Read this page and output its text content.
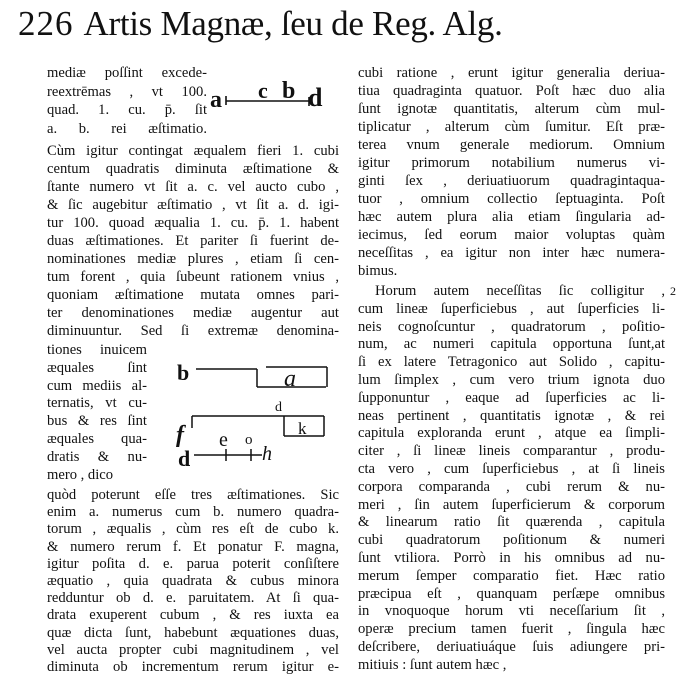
226 Artis Magnæ, ſeu de Reg. Alg.
mediæ poſſint excede-
reextrēmas , vt 100.
quad. 1. cu. p̄. ſit
a. b. rei æſtimatio.
Cùm igitur contingat æqualem fieri 1. cubi
centum quadratis diminuta æſtimatione &
ſtante numero vt ſit a. c. vel aucto cubo ,
& ſic augebitur æſtimatio , vt ſit a. d. igi-
tur 100. quoad æqualia 1. cu. p̄. 1. habent
duas æſtimationes. Et pariter ſi fuerint de-
nominationes mediæ plures , etiam ſi cen-
tum forent , quia ſubeunt rationem vnius ,
quoniam æſtimatione mutata omnes pari-
ter denominationes mediæ augentur aut
diminuuntur. Sed ſi extremæ denomina-
tiones inuicem
æquales ſint
cum mediis al-
ternatis, vt cu-
bus & res ſint
æquales qua-
dratis & nu-
mero , dico
quòd poterunt eſſe tres æſtimationes. Sic
enim a. numerus cum b. numero quadra-
torum , æqualis , cùm res eſt de cubo k.
& numero rerum f. Et ponatur F. magna,
igitur poſita d. e. parua poterit conſiſtere
æquatio , quia quadrata & cubus minora
redduntur ob d. e. paruitatem. At ſi qua-
drata exuperent cubum , & res iuxta ea
quæ dicta ſunt, habebunt æquationes duas,
vel aucta propter cubi magnitudinem , vel
diminuta ob incrementum rerum igitur e-
cubi ratione , erunt igitur generalia deriua-
tiua quadraginta quatuor. Poſt hæc duo alia
ſunt ignotæ quantitatis, alterum cùm mul-
tiplicatur , alterum cùm ſumitur. Eſt præ-
terea vnum generale mediorum. Omnium
igitur primorum notabilium numerus vi-
ginti ſex , deriuatiuorum quadragintaqua-
tuor , omnium collectio ſeptuaginta. Poſt
hæc autem plura alia etiam ſingularia ad-
iecimus, ſed eorum maior voluptas quàm
neceſſitas , ea igitur non inter hæc numera-
bimus.
Horum autem neceſſitas ſic colligitur ,
cum lineæ ſuperficiebus , aut ſuperficies li-
neis cognoſcuntur , quadratorum , poſitio-
num, ac numeri capitula opportuna ſunt,at
ſi ex latere Tetragonico aut Solido , capitu-
lum ſimplex , cum vero trium ignota duo
ſupponuntur , eaque ad ſuperficies ac li-
neas pertinent , quantitatis ignotæ , & rei
capitula exploranda erunt , atque ea ſimpli-
citer , ſi lineæ lineis comparantur , produ-
cta vero , cum ſuperficiebus , at ſi lineis
corpora comparanda , cubi rerum & nu-
meri , ſin autem ſuperficierum & corporum
& linearum ratio ſit quærenda , capitula
cubi quadratorum poſitionum & numeri
ſunt vtiliora. Porrò in his omnibus ad nu-
merum ſemper comparatio fiet. Hæc ratio
præcipua eſt , quanquam perſæpe omnibus
in vnoquoque horum vti neceſſarium ſit ,
operæ precium tamen fuerit , ſingula hæc
deſcribere, deriuatiuáque ſuis adiungere pri-
mitiuis : ſunt autem hæc ,
2
a c b d
b	a
d
f	k
e o
h
d
